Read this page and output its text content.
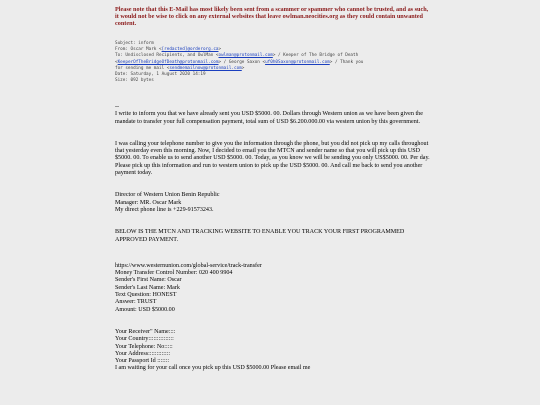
Please note that this E-Mail has most likely been sent from a scammer or spammer who cannot be trusted, and as such, it would not be wise to click on any external websites that leave owlman.neocities.org as they could contain unwanted content.
Subject: inform
From: Oscar Mark <[redacted]@orderorg.ca>
To: Undisclosed Recipients, and OwlMan <owlman@protonmail.com> / Keeper of The Bridge of Death
<KeeperOfTheBridgeOfDeath@protonmail.com> / George Saxon <uf0h0Saxon@protonmail.com> / Thank you
for sending me mail <sendmemailnow@protonmail.com>
Date: Saturday, 1 August 2020 14:19
Size: 092 bytes

--

I write to inform you that we have already sent you USD $5000. 00. Dollars through Western union as we have been given the mandate to transfer your full compensation payment, total sum of USD $6.200.000.00 via western union by this government.

I was calling your telephone number to give you the information through the phone, but you did not pick up my calls throughout that yesterday even this morning. Now, I decided to email you the MTCN and sender name so that you will pick up this USD $5000. 00. To enable us to send another USD $5000. 00. Today, as you know we will be sending you only US$5000. 00. Per day. Please pick up this information and run to western union to pick up the USD $5000. 00. And call me back to send you another payment today.

Director of Western Union Benin Republic

Manager: MR. Oscar Mark

My direct phone line is +229-91573243.

BELOW IS THE MTCN AND TRACKING WEBSITE TO ENABLE YOU TRACK YOUR FIRST PROGRAMMED APPROVED PAYMENT.

https://www.westernunion.com/global-service/track-transfer

Money Transfer Control Number: 020 400 9904

Sender's First Name: Oscar

Sender's Last Name: Mark

Text Question: HONEST

Answer: TRUST

Amount: USD $5000.00

Your Receiver" Name::::

Your Country:::::::::::::::

Your Telephone: No:::::

Your Address:::::::::::::

Your Passport Id :::::::

I am waiting for your call once you pick up this USD $5000.00 Please email me
